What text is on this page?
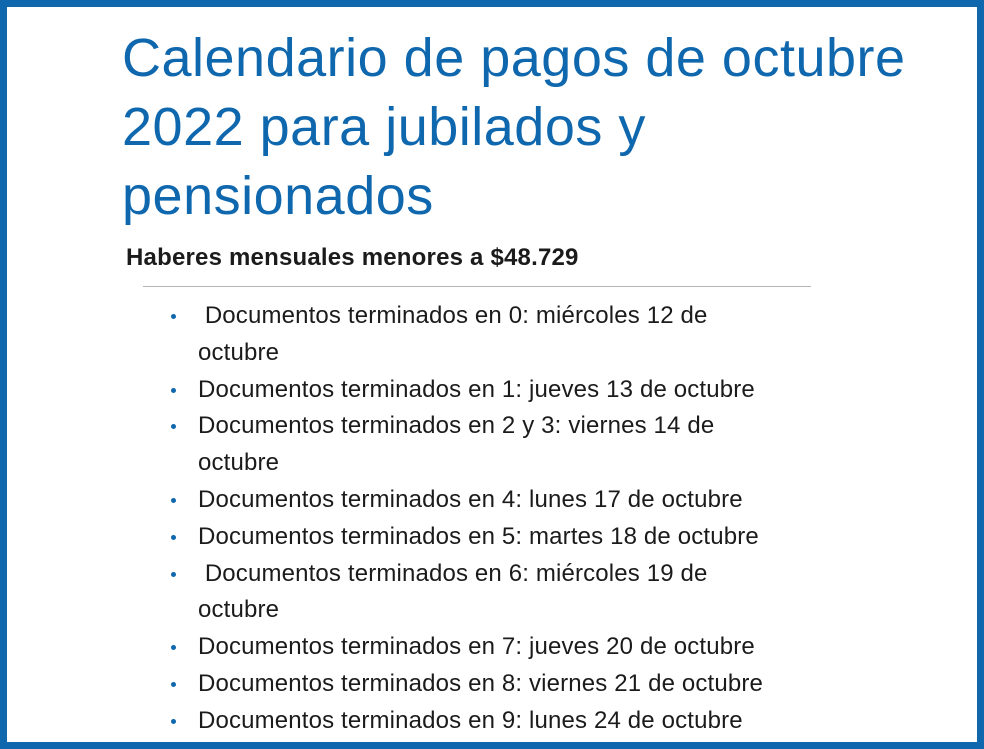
Calendario de pagos de octubre 2022 para jubilados y pensionados
Haberes mensuales menores a $48.729
Documentos terminados en 0: miércoles 12 de octubre
Documentos terminados en 1: jueves 13 de octubre
Documentos terminados en 2 y 3: viernes 14 de octubre
Documentos terminados en 4: lunes 17 de octubre
Documentos terminados en 5: martes 18 de octubre
Documentos terminados en 6: miércoles 19 de octubre
Documentos terminados en 7: jueves 20 de octubre
Documentos terminados en 8: viernes 21 de octubre
Documentos terminados en 9: lunes 24 de octubre
